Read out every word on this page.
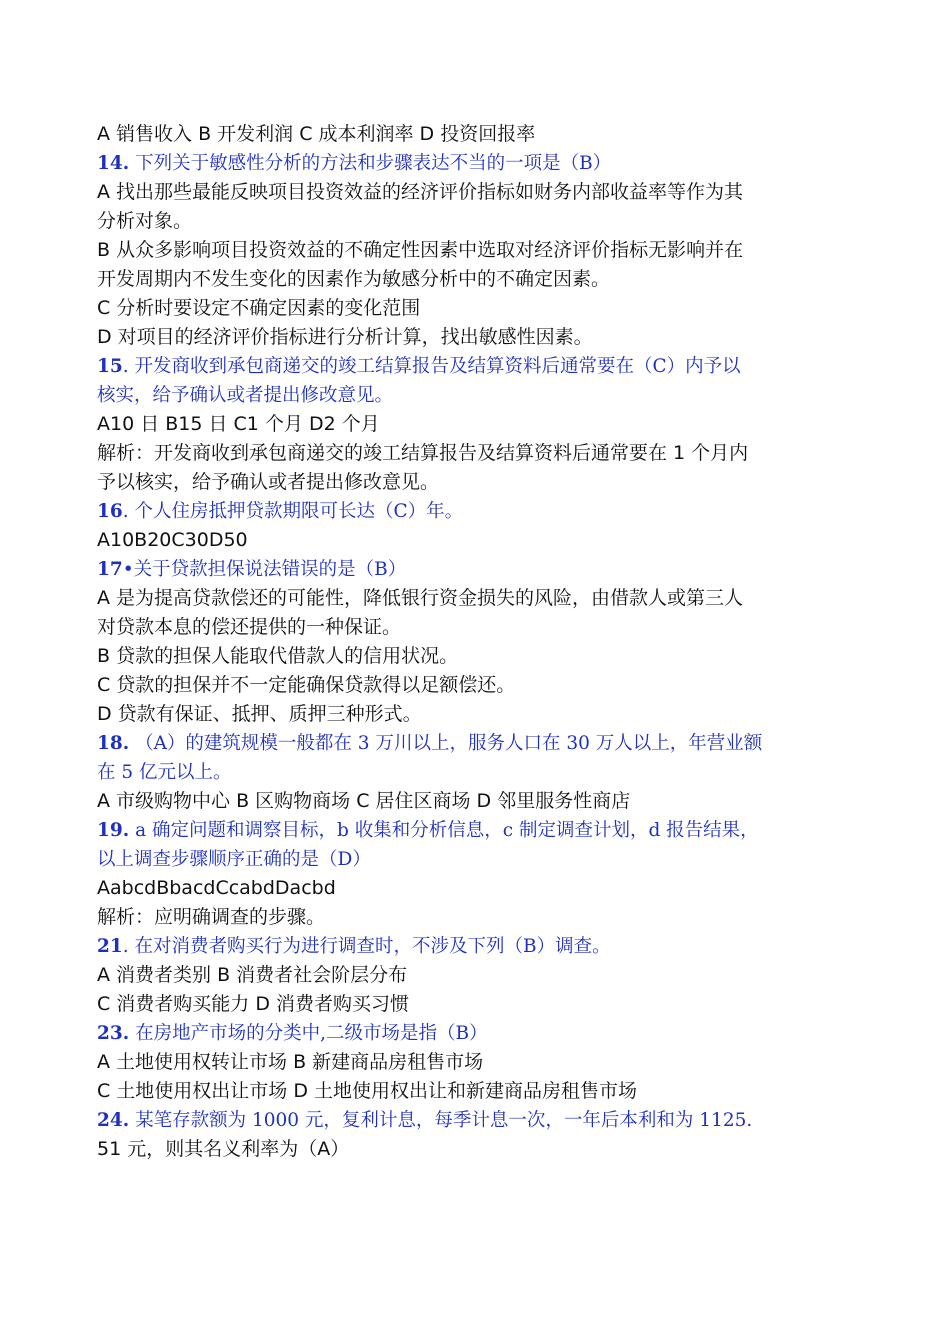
A 销售收入 B 开发利润 C 成本利润率 D 投资回报率
14. 下列关于敏感性分析的方法和步骤表达不当的一项是（B）
A 找出那些最能反映项目投资效益的经济评价指标如财务内部收益率等作为其
分析对象。
B 从众多影响项目投资效益的不确定性因素中选取对经济评价指标无影响并在
开发周期内不发生变化的因素作为敏感分析中的不确定因素。
C 分析时要设定不确定因素的变化范围
D 对项目的经济评价指标进行分析计算，找出敏感性因素。
15. 开发商收到承包商递交的竣工结算报告及结算资料后通常要在（C）内予以
核实，给予确认或者提出修改意见。
A10 日 B15 日 C1 个月 D2 个月
解析：开发商收到承包商递交的竣工结算报告及结算资料后通常要在 1 个月内
予以核实，给予确认或者提出修改意见。
16. 个人住房抵押贷款期限可长达（C）年。
A10B20C30D50
17•关于贷款担保说法错误的是（B）
A 是为提高贷款偿还的可能性，降低银行资金损失的风险，由借款人或第三人
对贷款本息的偿还提供的一种保证。
B 贷款的担保人能取代借款人的信用状况。
C 贷款的担保并不一定能确保贷款得以足额偿还。
D 贷款有保证、抵押、质押三种形式。
18. （A）的建筑规模一般都在 3 万川以上，服务人口在 30 万人以上，年营业额
在 5 亿元以上。
A 市级购物中心 B 区购物商场 C 居住区商场 D 邻里服务性商店
19. a 确定问题和调察目标，b 收集和分析信息，c 制定调查计划，d 报告结果，
以上调查步骤顺序正确的是（D）
AabcdBbacdCcabdDacbd
解析：应明确调查的步骤。
21. 在对消费者购买行为进行调查时，不涉及下列（B）调查。
A 消费者类别 B 消费者社会阶层分布
C 消费者购买能力 D 消费者购买习惯
23. 在房地产市场的分类中,二级市场是指（B）
A 土地使用权转让市场 B 新建商品房租售市场
C 土地使用权出让市场 D 土地使用权出让和新建商品房租售市场
24. 某笔存款额为 1000 元，复利计息，每季计息一次，一年后本利和为 1125.
51 元，则其名义利率为（A）
